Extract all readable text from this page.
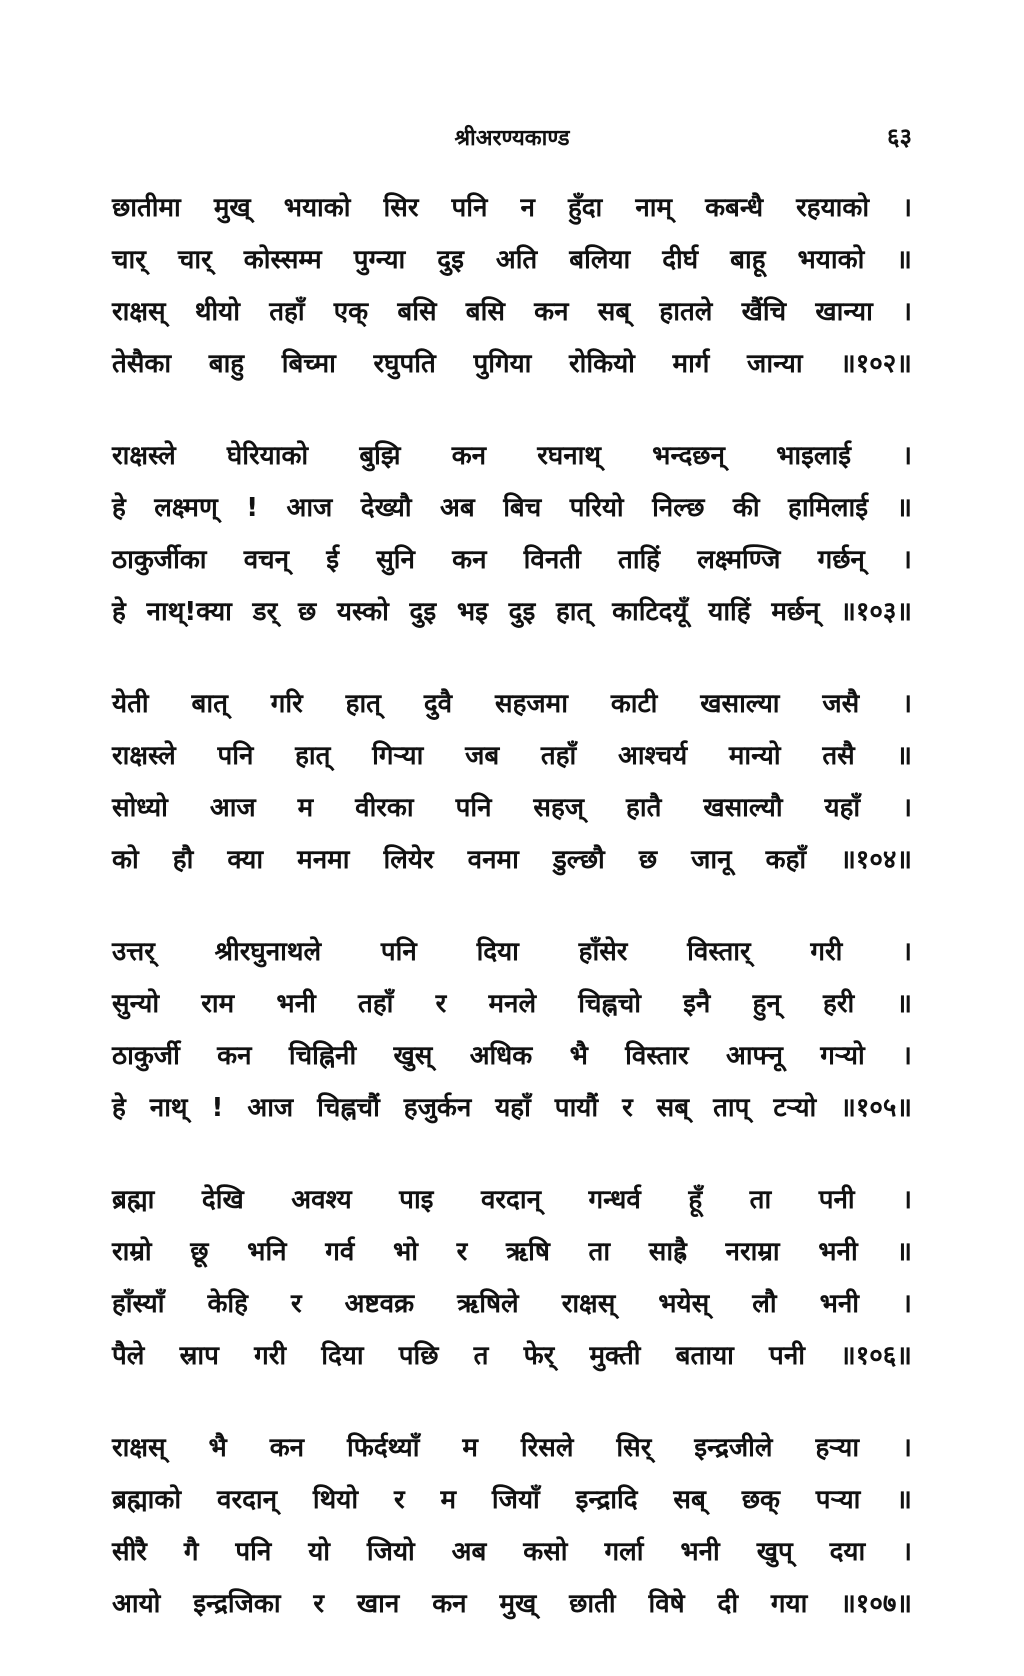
श्रीअरण्यकाण्ड	६३
छातीमा मुख् भयाको सिर पनि न हुँदा नाम् कबन्धै रहयाको ।
चार् चार् कोस्सम्म पुग्न्या दुइ अति बलिया दीर्घ बाहू भयाको ॥
राक्षस् थीयो तहाँ एक् बसि बसि कन सब् हातले खैंचि खान्या ।
तेसैका बाहु बिच्मा रघुपति पुगिया रोकियो मार्ग जान्या ॥१०२॥
राक्षस्ले घेरियाको बुझि कन रघनाथ् भन्दछन् भाइलाई ।
हे लक्ष्मण् ! आज देख्यौ अब बिच परियो निल्छ की हामिलाई ॥
ठाकुर्जीका वचन् ई सुनि कन विनती ताहिं लक्ष्मण्जि गर्छन् ।
हे नाथ्!क्या डर् छ यस्को दुइ भइ दुइ हात् काटिदयूँ याहिं मर्छन् ॥१०३॥
येती बात् गरि हात् दुवै सहजमा काटी खसाल्या जसै ।
राक्षस्ले पनि हात् गिऱ्या जब तहाँ आश्चर्य मान्यो तसै ॥
सोध्यो आज म वीरका पनि सहज् हातै खसाल्यौ यहाँ ।
को हौ क्या मनमा लियेर वनमा डुल्छौ छ जानू कहाँ ॥१०४॥
उत्तर् श्रीरघुनाथले पनि दिया हाँसेर विस्तार् गरी ।
सुन्यो राम भनी तहाँ र मनले चिह्नचो इनै हुन् हरी ॥
ठाकुर्जी कन चिह्निनी खुस् अधिक भै विस्तार आफ्नू गऱ्यो ।
हे नाथ् ! आज चिह्नचौं हजुर्कन यहाँ पायौं र सब् ताप् टऱ्यो ॥१०५॥
ब्रह्मा देखि अवश्य पाइ वरदान् गन्धर्व हूँ ता पनी ।
राम्रो छू भनि गर्व भो र ऋषि ता साह्रै नराम्रा भनी ॥
हाँस्याँ केहि र अष्टवक्र ऋषिले राक्षस् भयेस् लौ भनी ।
पैले स्राप गरी दिया पछि त फेर् मुक्ती बताया पनी ॥१०६॥
राक्षस् भै कन फिर्दथ्याँ म रिसले सिर् इन्द्रजीले हऱ्या ।
ब्रह्माको वरदान् थियो र म जियाँ इन्द्रादि सब् छक् पऱ्या ॥
सीरै गै पनि यो जियो अब कसो गर्ला भनी खुप् दया ।
आयो इन्द्रजिका र खान कन मुख् छाती विषे दी गया ॥१०७॥
